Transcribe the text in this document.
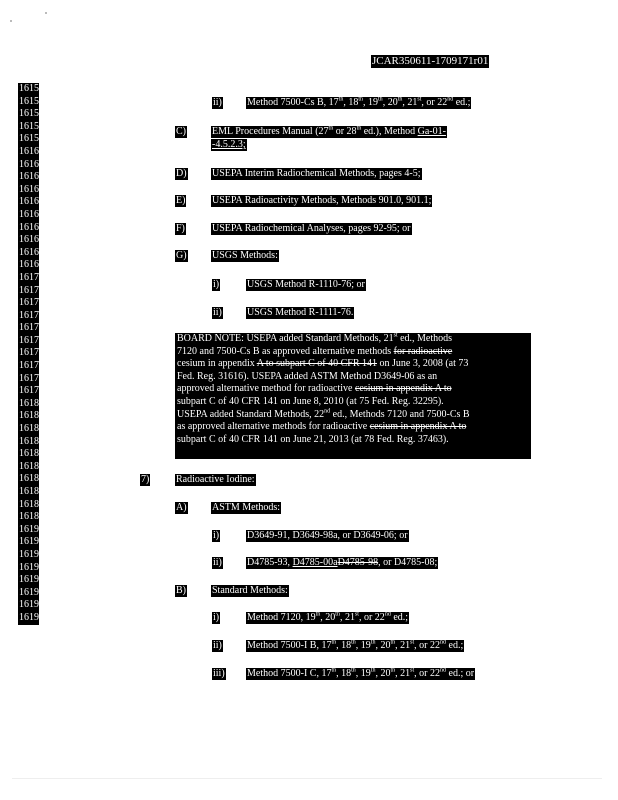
JCAR350611-1709171r01
16155
16156
16157
16158
16159
16160
16161
16162
16163
16164
16165
16166
16167
16168
16169
16170
16171
16172
16173
16174
16175
16176
16177
16178
16179
16180
16181
16182
16183
16184
16185
16186
16187
16188
16189
16190
16191
16192
16193
16194
16195
16196
16197
ii)	Method 7500-Cs B, 17th, 18th, 19th, 20th, 21st, or 22nd ed.;
C)	EML Procedures Manual (27th or 28th ed.), Method Ga-01-
-4.5.2.3;
D)	USEPA Interim Radiochemical Methods, pages 4-5;
E)	USEPA Radioactivity Methods, Methods 901.0, 901.1;
F)	USEPA Radiochemical Analyses, pages 92-95; or
G)	USGS Methods:
i)	USGS Method R-1110-76; or
ii)	USGS Method R-1111-76.
BOARD NOTE: USEPA added Standard Methods, 21st ed., Methods
7120 and 7500-Cs B as approved alternative methods for radioactive
cesium in appendix A to subpart C of 40 CFR 141 on June 3, 2008 (at 73
Fed. Reg. 31616). USEPA added ASTM Method D3649-06 as an
approved alternative method for radioactive cesium in appendix A to
subpart C of 40 CFR 141 on June 8, 2010 (at 75 Fed. Reg. 32295).
USEPA added Standard Methods, 22nd ed., Methods 7120 and 7500-Cs B
as approved alternative methods for radioactive cesium in appendix A to
subpart C of 40 CFR 141 on June 21, 2013 (at 78 Fed. Reg. 37463).
7)	Radioactive Iodine:
A)	ASTM Methods:
i)	D3649-91, D3649-98a, or D3649-06; or
ii)	D4785-93, D4785-00aD4785-98, or D4785-08;
B)	Standard Methods:
i)	Method 7120, 19th, 20th, 21st, or 22nd ed.;
ii)	Method 7500-I B, 17th, 18th, 19th, 20th, 21st, or 22nd ed.;
iii) Method 7500-I C, 17th, 18th, 19th, 20th, 21st, or 22nd ed.; or
